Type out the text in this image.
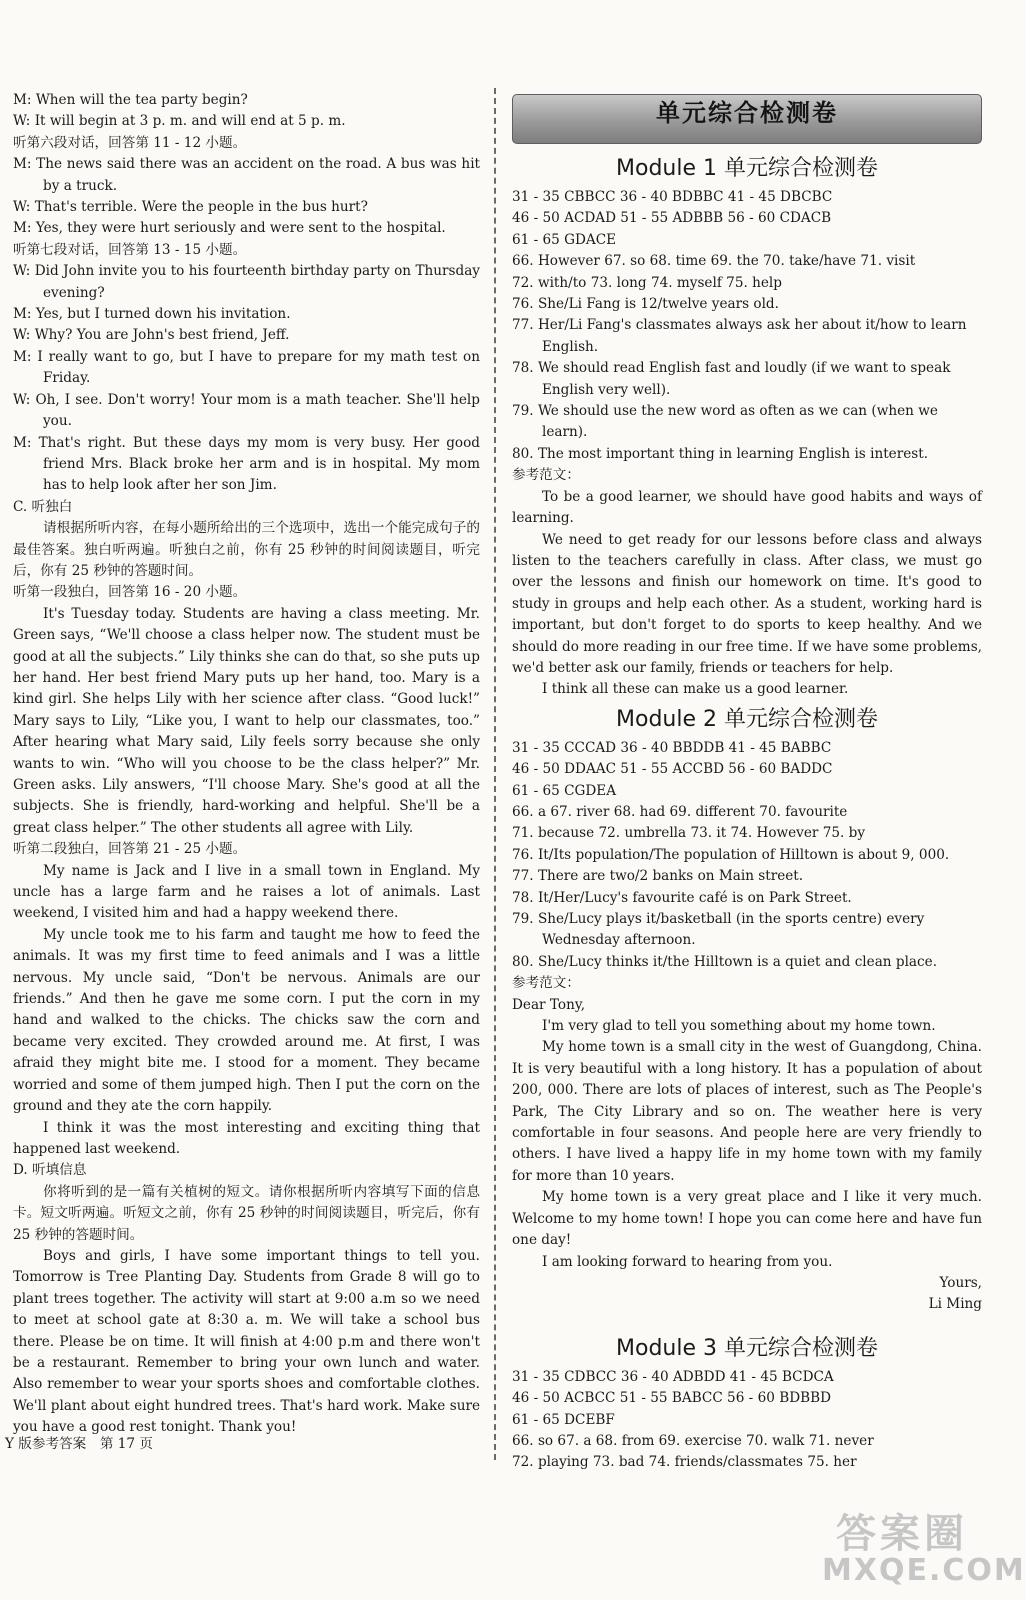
M: When will the tea party begin?

W: It will begin at 3 p. m. and will end at 5 p. m.

听第六段对话，回答第 11 - 12 小题。

M: The news said there was an accident on the road. A bus was hit by a truck.

W: That's terrible. Were the people in the bus hurt?

M: Yes, they were hurt seriously and were sent to the hospital.

听第七段对话，回答第 13 - 15 小题。

W: Did John invite you to his fourteenth birthday party on Thursday evening?

M: Yes, but I turned down his invitation.

W: Why? You are John's best friend, Jeff.

M: I really want to go, but I have to prepare for my math test on Friday.

W: Oh, I see. Don't worry! Your mom is a math teacher. She'll help you.

M: That's right. But these days my mom is very busy. Her good friend Mrs. Black broke her arm and is in hospital. My mom has to help look after her son Jim.

C. 听独白

请根据所听内容，在每小题所给出的三个选项中，选出一个能完成句子的最佳答案。独白听两遍。听独白之前，你有 25 秒钟的时间阅读题目，听完后，你有 25 秒钟的答题时间。

听第一段独白，回答第 16 - 20 小题。

It's Tuesday today. Students are having a class meeting. Mr. Green says, “We'll choose a class helper now. The student must be good at all the subjects.” Lily thinks she can do that, so she puts up her hand. Her best friend Mary puts up her hand, too. Mary is a kind girl. She helps Lily with her science after class. “Good luck!” Mary says to Lily, “Like you, I want to help our classmates, too.” After hearing what Mary said, Lily feels sorry because she only wants to win. “Who will you choose to be the class helper?” Mr. Green asks. Lily answers, “I'll choose Mary. She's good at all the subjects. She is friendly, hard-working and helpful. She'll be a great class helper.” The other students all agree with Lily.

听第二段独白，回答第 21 - 25 小题。

My name is Jack and I live in a small town in England. My uncle has a large farm and he raises a lot of animals. Last weekend, I visited him and had a happy weekend there.

My uncle took me to his farm and taught me how to feed the animals. It was my first time to feed animals and I was a little nervous. My uncle said, “Don't be nervous. Animals are our friends.” And then he gave me some corn. I put the corn in my hand and walked to the chicks. The chicks saw the corn and became very excited. They crowded around me. At first, I was afraid they might bite me. I stood for a moment. They became worried and some of them jumped high. Then I put the corn on the ground and they ate the corn happily.

I think it was the most interesting and exciting thing that happened last weekend.

D. 听填信息

你将听到的是一篇有关植树的短文。请你根据所听内容填写下面的信息卡。短文听两遍。听短文之前，你有 25 秒钟的时间阅读题目，听完后，你有 25 秒钟的答题时间。

Boys and girls, I have some important things to tell you. Tomorrow is Tree Planting Day. Students from Grade 8 will go to plant trees together. The activity will start at 9:00 a.m so we need to meet at school gate at 8:30 a. m. We will take a school bus there. Please be on time. It will finish at 4:00 p.m and there won't be a restaurant. Remember to bring your own lunch and water. Also remember to wear your sports shoes and comfortable clothes. We'll plant about eight hundred trees. That's hard work. Make sure you have a good rest tonight. Thank you!

单元综合检测卷
Module 1 单元综合检测卷

31 - 35 CBBCC 36 - 40 BDBBC 41 - 45 DBCBC

46 - 50 ACDAD 51 - 55 ADBBB 56 - 60 CDACB

61 - 65 GDACE

66. However 67. so 68. time 69. the 70. take/have 71. visit

72. with/to 73. long 74. myself 75. help

76. She/Li Fang is 12/twelve years old.

77. Her/Li Fang's classmates always ask her about it/how to learn English.

78. We should read English fast and loudly (if we want to speak English very well).

79. We should use the new word as often as we can (when we learn).

80. The most important thing in learning English is interest.

参考范文：

To be a good learner, we should have good habits and ways of learning.

We need to get ready for our lessons before class and always listen to the teachers carefully in class. After class, we must go over the lessons and finish our homework on time. It's good to study in groups and help each other. As a student, working hard is important, but don't forget to do sports to keep healthy. And we should do more reading in our free time. If we have some problems, we'd better ask our family, friends or teachers for help.

I think all these can make us a good learner.

Module 2 单元综合检测卷

31 - 35 CCCAD 36 - 40 BBDDB 41 - 45 BABBC

46 - 50 DDAAC 51 - 55 ACCBD 56 - 60 BADDC

61 - 65 CGDEA

66. a 67. river 68. had 69. different 70. favourite

71. because 72. umbrella 73. it 74. However 75. by

76. It/Its population/The population of Hilltown is about 9, 000.

77. There are two/2 banks on Main street.

78. It/Her/Lucy's favourite café is on Park Street.

79. She/Lucy plays it/basketball (in the sports centre) every Wednesday afternoon.

80. She/Lucy thinks it/the Hilltown is a quiet and clean place.

参考范文：

Dear Tony,

I'm very glad to tell you something about my home town.

My home town is a small city in the west of Guangdong, China. It is very beautiful with a long history. It has a population of about 200, 000. There are lots of places of interest, such as The People's Park, The City Library and so on. The weather here is very comfortable in four seasons. And people here are very friendly to others. I have lived a happy life in my home town with my family for more than 10 years.

My home town is a very great place and I like it very much. Welcome to my home town! I hope you can come here and have fun one day!

I am looking forward to hearing from you.

Yours,

Li Ming

Module 3 单元综合检测卷

31 - 35 CDBCC 36 - 40 ADBDD 41 - 45 BCDCA

46 - 50 ACBCC 51 - 55 BABCC 56 - 60 BDBBD

61 - 65 DCEBF

66. so 67. a 68. from 69. exercise 70. walk 71. never

72. playing 73. bad 74. friends/classmates 75. her

Y 版参考答案　第 17 页
答案圈
MXQE.COM
